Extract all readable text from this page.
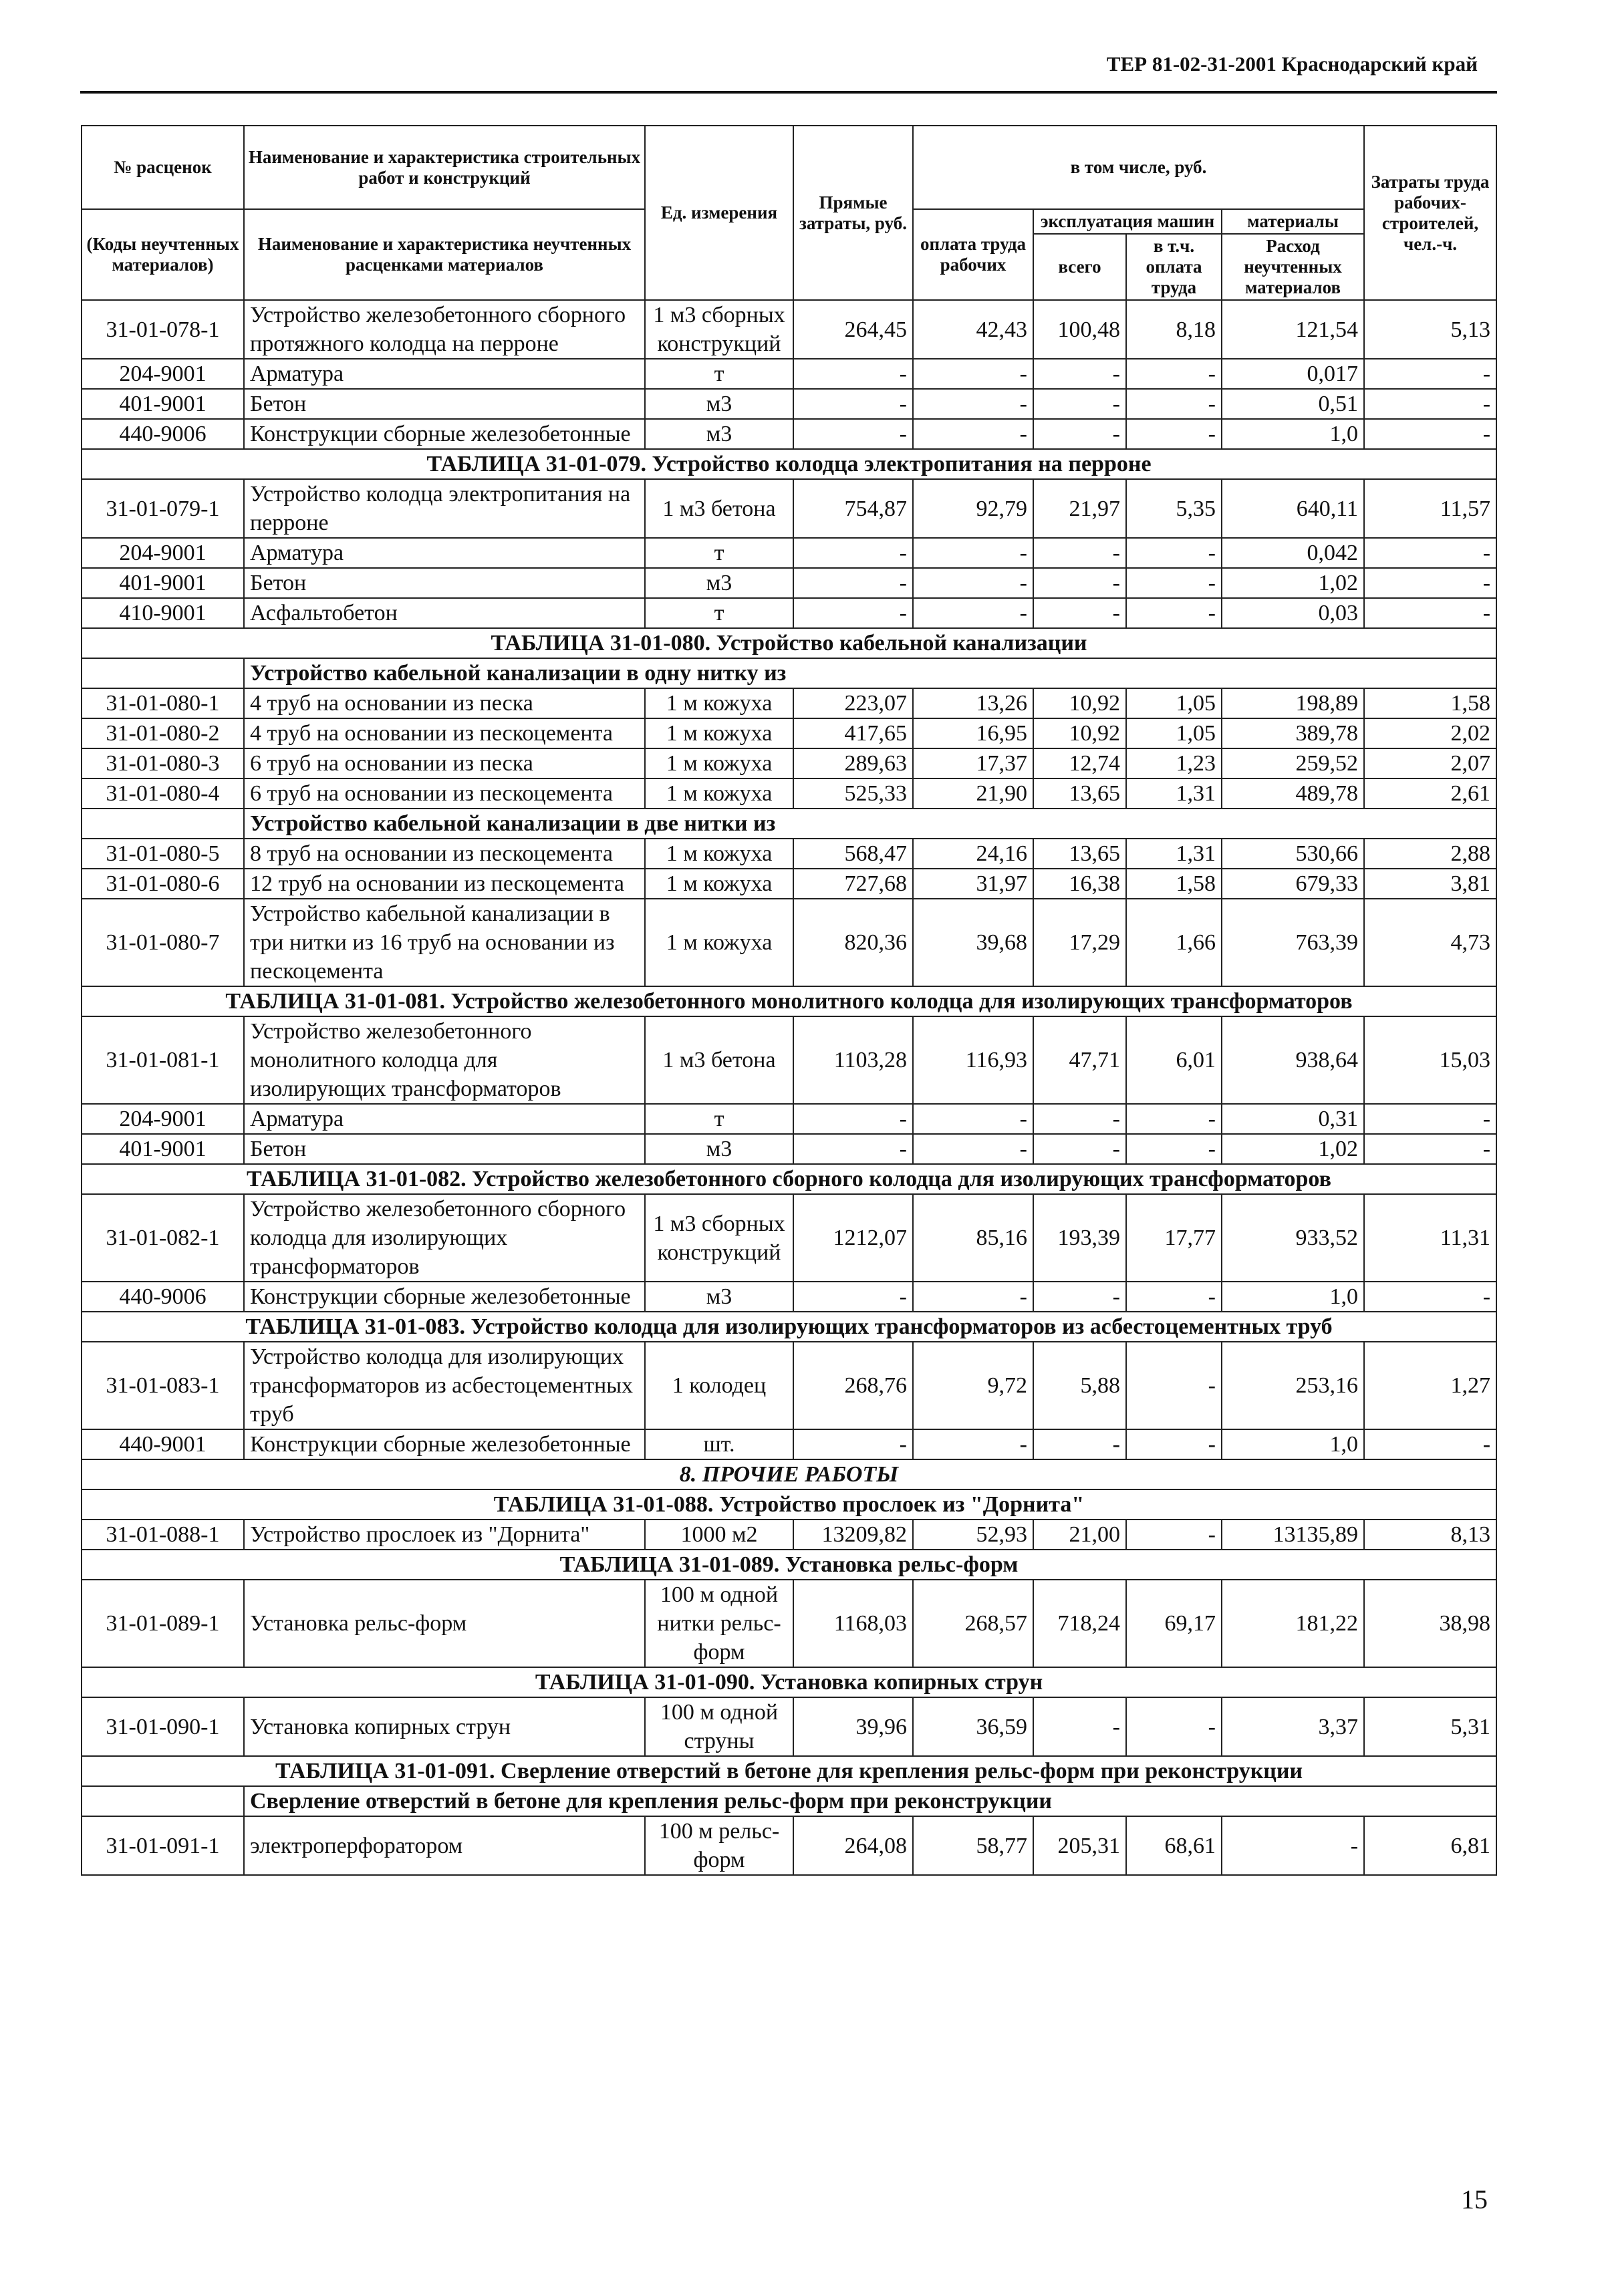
ТЕР 81-02-31-2001 Краснодарский край
№ расценок	Наименование и характеристика строительных работ и конструкций	Ед. измерения	Прямые затраты, руб.	в том числе, руб.				Затраты труда рабочих-строителей, чел.-ч.
(Коды неучтенных материалов)	Наименование и характеристика неучтенных расценками материалов			оплата труда рабочих	эксплуатация машин		материалы	
					всего	в т.ч. оплата труда	Расход неучтенных материалов	
31-01-078-1	Устройство железобетонного сборного протяжного колодца на перроне	1 м3 сборных конструкций	264,45	42,43	100,48	8,18	121,54	5,13
204-9001	Арматура	т	-	-	-	-	0,017	-
401-9001	Бетон	м3	-	-	-	-	0,51	-
440-9006	Конструкции сборные железобетонные	м3	-	-	-	-	1,0	-
ТАБЛИЦА 31-01-079. Устройство колодца электропитания на перроне								
31-01-079-1	Устройство колодца электропитания на перроне	1 м3 бетона	754,87	92,79	21,97	5,35	640,11	11,57
204-9001	Арматура	т	-	-	-	-	0,042	-
401-9001	Бетон	м3	-	-	-	-	1,02	-
410-9001	Асфальтобетон	т	-	-	-	-	0,03	-
ТАБЛИЦА 31-01-080. Устройство кабельной канализации								
	Устройство кабельной канализации в одну нитку из							
31-01-080-1	4 труб на основании из песка	1 м кожуха	223,07	13,26	10,92	1,05	198,89	1,58
31-01-080-2	4 труб на основании из пескоцемента	1 м кожуха	417,65	16,95	10,92	1,05	389,78	2,02
31-01-080-3	6 труб на основании из песка	1 м кожуха	289,63	17,37	12,74	1,23	259,52	2,07
31-01-080-4	6 труб на основании из пескоцемента	1 м кожуха	525,33	21,90	13,65	1,31	489,78	2,61
	Устройство кабельной канализации в две нитки из							
31-01-080-5	8 труб на основании из пескоцемента	1 м кожуха	568,47	24,16	13,65	1,31	530,66	2,88
31-01-080-6	12 труб на основании из пескоцемента	1 м кожуха	727,68	31,97	16,38	1,58	679,33	3,81
31-01-080-7	Устройство кабельной канализации в три нитки из 16 труб на основании из пескоцемента	1 м кожуха	820,36	39,68	17,29	1,66	763,39	4,73
ТАБЛИЦА 31-01-081. Устройство железобетонного монолитного колодца для изолирующих трансформаторов								
31-01-081-1	Устройство железобетонного монолитного колодца для изолирующих трансформаторов	1 м3 бетона	1103,28	116,93	47,71	6,01	938,64	15,03
204-9001	Арматура	т	-	-	-	-	0,31	-
401-9001	Бетон	м3	-	-	-	-	1,02	-
ТАБЛИЦА 31-01-082. Устройство железобетонного сборного колодца для изолирующих трансформаторов								
31-01-082-1	Устройство железобетонного сборного колодца для изолирующих трансформаторов	1 м3 сборных конструкций	1212,07	85,16	193,39	17,77	933,52	11,31
440-9006	Конструкции сборные железобетонные	м3	-	-	-	-	1,0	-
ТАБЛИЦА 31-01-083. Устройство колодца для изолирующих трансформаторов из асбестоцементных труб								
31-01-083-1	Устройство колодца для изолирующих трансформаторов из асбестоцементных труб	1 колодец	268,76	9,72	5,88	-	253,16	1,27
440-9001	Конструкции сборные железобетонные	шт.	-	-	-	-	1,0	-
8. ПРОЧИЕ РАБОТЫ								
ТАБЛИЦА 31-01-088. Устройство прослоек из "Дорнита"								
31-01-088-1	Устройство прослоек из "Дорнита"	1000 м2	13209,82	52,93	21,00	-	13135,89	8,13
ТАБЛИЦА 31-01-089. Установка рельс-форм								
31-01-089-1	Установка рельс-форм	100 м одной нитки рельс-форм	1168,03	268,57	718,24	69,17	181,22	38,98
ТАБЛИЦА 31-01-090. Установка копирных струн								
31-01-090-1	Установка копирных струн	100 м одной струны	39,96	36,59	-	-	3,37	5,31
ТАБЛИЦА 31-01-091. Сверление отверстий в бетоне для крепления рельс-форм при реконструкции								
	Сверление отверстий в бетоне для крепления рельс-форм при реконструкции							
31-01-091-1	электроперфоратором	100 м рельс-форм	264,08	58,77	205,31	68,61	-	6,81
15
